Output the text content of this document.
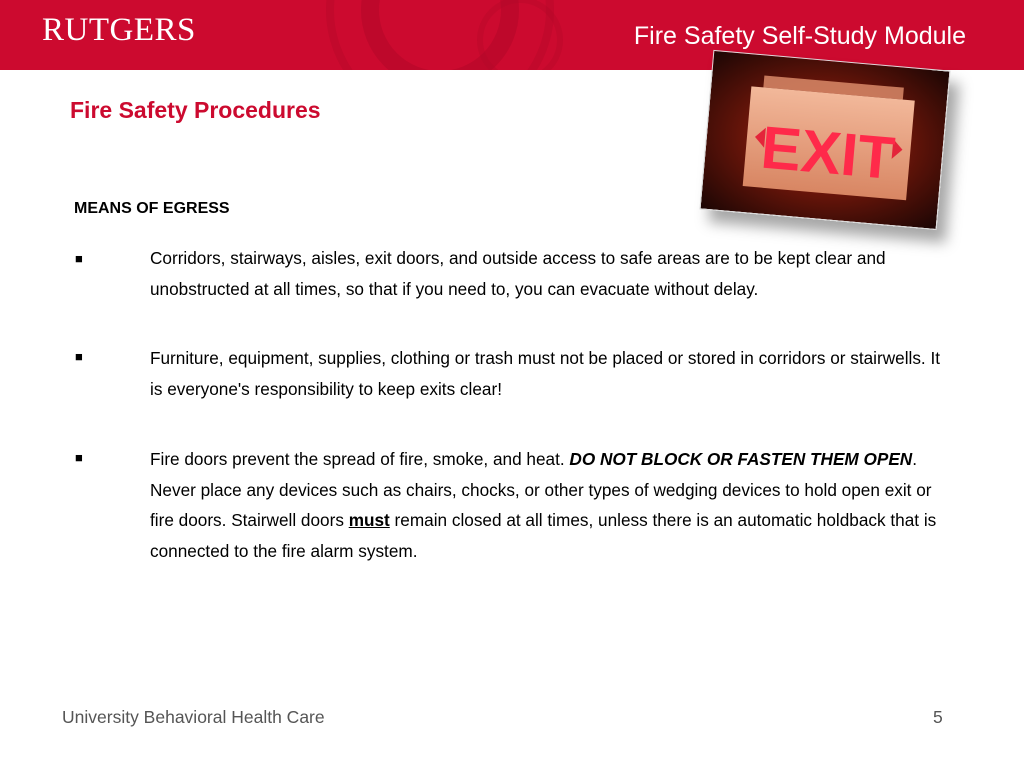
RUTGERS	Fire Safety Self-Study Module
Fire Safety Procedures
EXIT
MEANS OF EGRESS
■	Corridors, stairways, aisles, exit doors, and outside access to safe areas are to be kept clear and unobstructed at all times, so that if you need to, you can evacuate without delay.
■	Furniture, equipment, supplies, clothing or trash must not be placed or stored in corridors or stairwells. It is everyone's responsibility to keep exits clear!
■	Fire doors prevent the spread of fire, smoke, and heat. DO NOT BLOCK OR FASTEN THEM OPEN. Never place any devices such as chairs, chocks, or other types of wedging devices to hold open exit or fire doors. Stairwell doors must remain closed at all times, unless there is an automatic holdback that is connected to the fire alarm system.
University Behavioral Health Care	5
